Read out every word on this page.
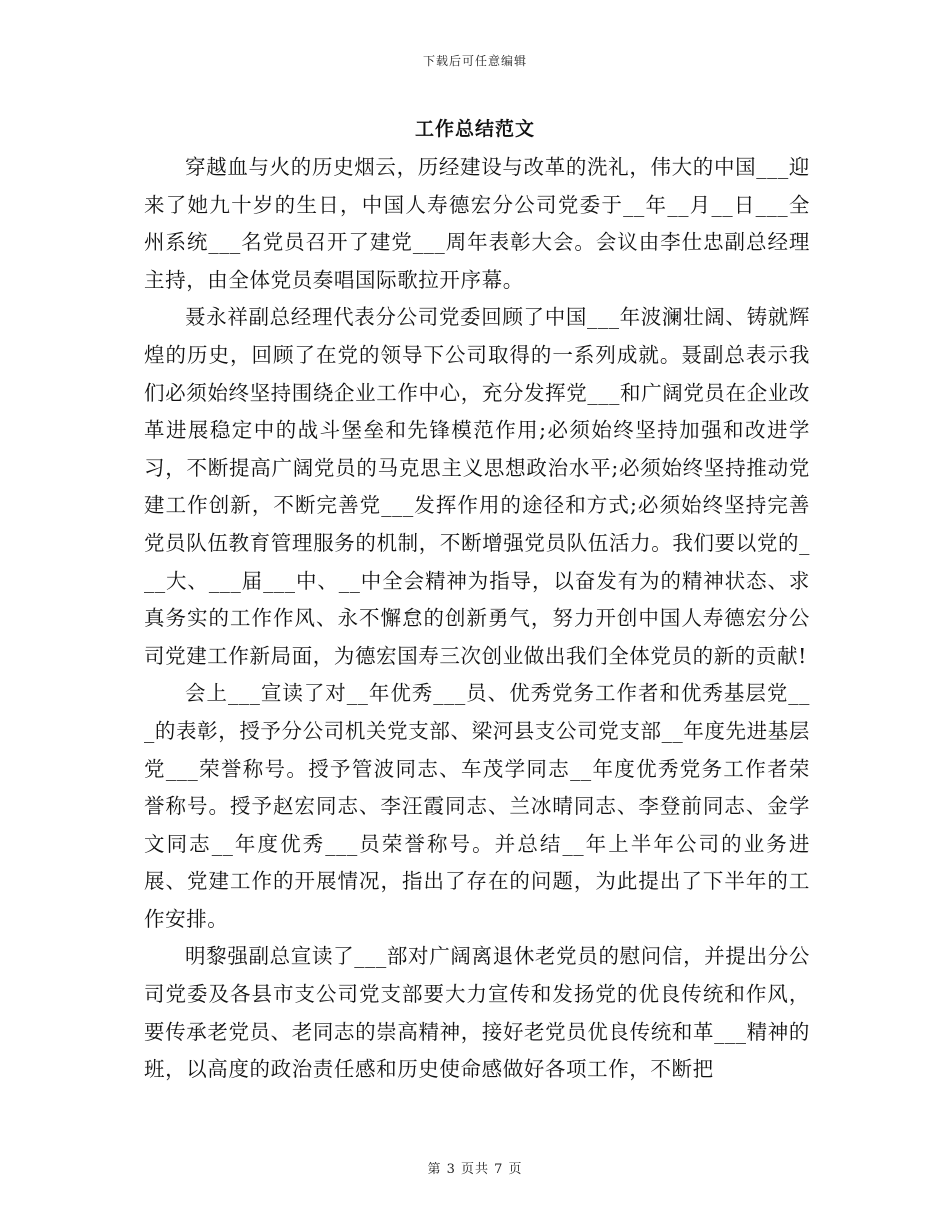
下载后可任意编辑
工作总结范文

穿越血与火的历史烟云，历经建设与改革的洗礼，伟大的中国___迎来了她九十岁的生日，中国人寿德宏分公司党委于__年__月__日___全州系统___名党员召开了建党___周年表彰大会。会议由李仕忠副总经理主持，由全体党员奏唱国际歌拉开序幕。

聂永祥副总经理代表分公司党委回顾了中国___年波澜壮阔、铸就辉煌的历史，回顾了在党的领导下公司取得的一系列成就。聂副总表示我们必须始终坚持围绕企业工作中心，充分发挥党___和广阔党员在企业改革进展稳定中的战斗堡垒和先锋模范作用;必须始终坚持加强和改进学习，不断提高广阔党员的马克思主义思想政治水平;必须始终坚持推动党建工作创新，不断完善党___发挥作用的途径和方式;必须始终坚持完善党员队伍教育管理服务的机制，不断增强党员队伍活力。我们要以党的___大、___届___中、__中全会精神为指导，以奋发有为的精神状态、求真务实的工作作风、永不懈怠的创新勇气，努力开创中国人寿德宏分公司党建工作新局面，为德宏国寿三次创业做出我们全体党员的新的贡献!

会上___宣读了对__年优秀___员、优秀党务工作者和优秀基层党___的表彰，授予分公司机关党支部、梁河县支公司党支部__年度先进基层党___荣誉称号。授予管波同志、车茂学同志__年度优秀党务工作者荣誉称号。授予赵宏同志、李汪霞同志、兰冰晴同志、李登前同志、金学文同志__年度优秀___员荣誉称号。并总结__年上半年公司的业务进展、党建工作的开展情况，指出了存在的问题，为此提出了下半年的工作安排。

明黎强副总宣读了___部对广阔离退休老党员的慰问信，并提出分公司党委及各县市支公司党支部要大力宣传和发扬党的优良传统和作风，要传承老党员、老同志的崇高精神，接好老党员优良传统和革___精神的班，以高度的政治责任感和历史使命感做好各项工作，不断把

第 3 页共 7 页
